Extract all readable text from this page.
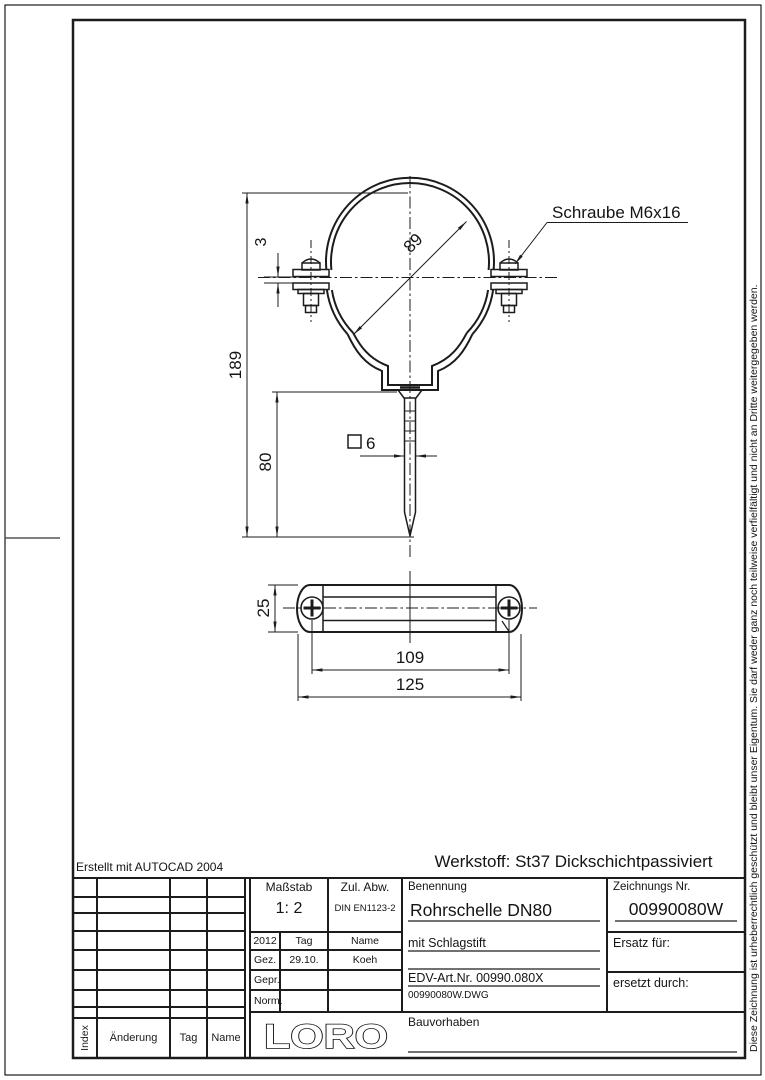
189
80
3	89
6
Schraube M6x16
25
109
125
Erstellt mit AUTOCAD 2004	Werkstoff: St37 Dickschichtpassiviert
Maßstab
1: 2
Zul. Abw.
DIN EN1123-2
2012	Tag	Name
Gez.	29.10.	Koeh
Gepr.
Norm.
Benennung
Rohrschelle DN80
mit Schlagstift
EDV-Art.Nr. 00990.080X
00990080W.DWG
Zeichnungs Nr.
00990080W
Ersatz für:
ersetzt durch:
Bauvorhaben
LORO
Index	Änderung	Tag	Name	Diese Zeichnung ist urheberrechtlich geschützt und bleibt unser Eigentum. Sie darf weder ganz noch teilweise verfielfältigt und nicht an Dritte weitergegeben werden.
